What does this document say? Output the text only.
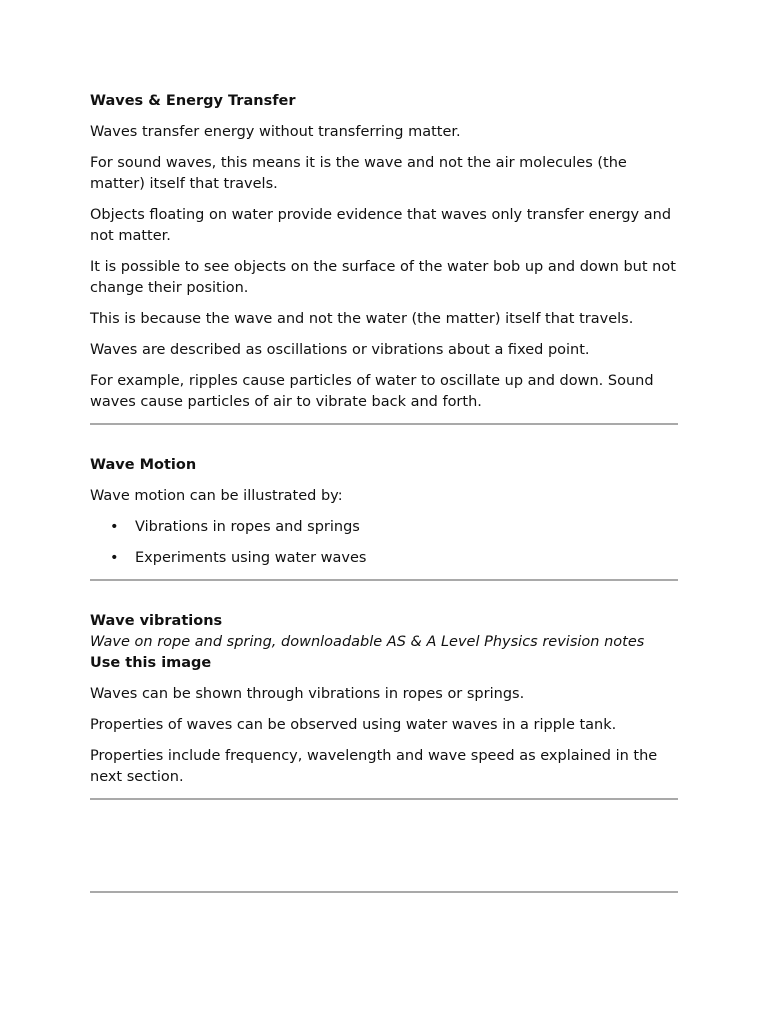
Waves & Energy Transfer

Waves transfer energy without transferring matter.

For sound waves, this means it is the wave and not the air molecules (the matter) itself that travels.

Objects floating on water provide evidence that waves only transfer energy and not matter.

It is possible to see objects on the surface of the water bob up and down but not change their position.

This is because the wave and not the water (the matter) itself that travels.

Waves are described as oscillations or vibrations about a fixed point.

For example, ripples cause particles of water to oscillate up and down. Sound waves cause particles of air to vibrate back and forth.

Wave Motion

Wave motion can be illustrated by:

• Vibrations in ropes and springs
• Experiments using water waves
Wave vibrations

Wave on rope and spring, downloadable AS & A Level Physics revision notes

Use this image

Waves can be shown through vibrations in ropes or springs.

Properties of waves can be observed using water waves in a ripple tank.

Properties include frequency, wavelength and wave speed as explained in the next section.
